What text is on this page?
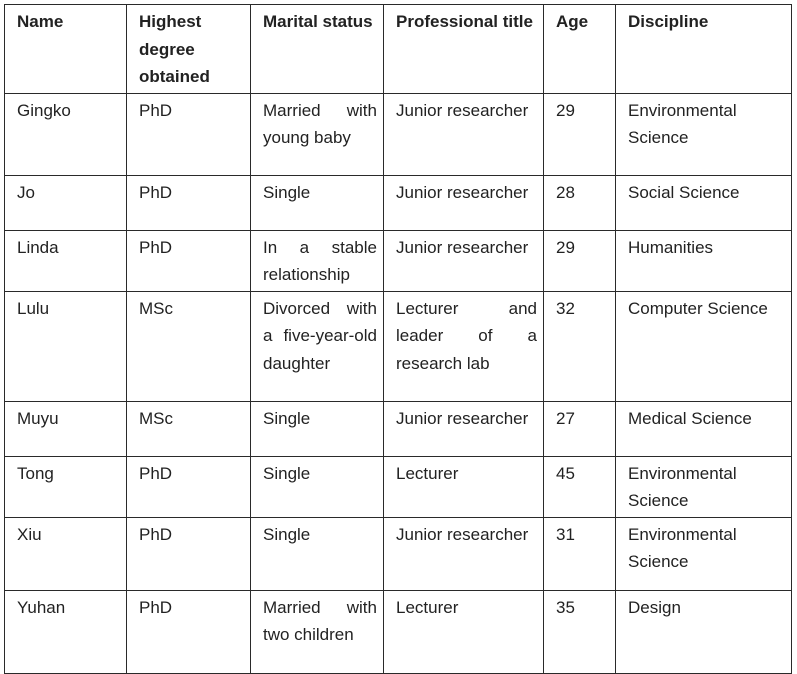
Name	Highest degree obtained	Marital status	Professional title	Age	Discipline
Gingko	PhD	Married with young baby	Junior researcher	29	Environmental Science
Jo	PhD	Single	Junior researcher	28	Social Science
Linda	PhD	In a stable relationship	Junior researcher	29	Humanities
Lulu	MSc	Divorced with a five-year-old daughter	Lecturer and leader of a research lab	32	Computer Science
Muyu	MSc	Single	Junior researcher	27	Medical Science
Tong	PhD	Single	Lecturer	45	Environmental Science
Xiu	PhD	Single	Junior researcher	31	Environmental Science
Yuhan	PhD	Married with two children	Lecturer	35	Design
